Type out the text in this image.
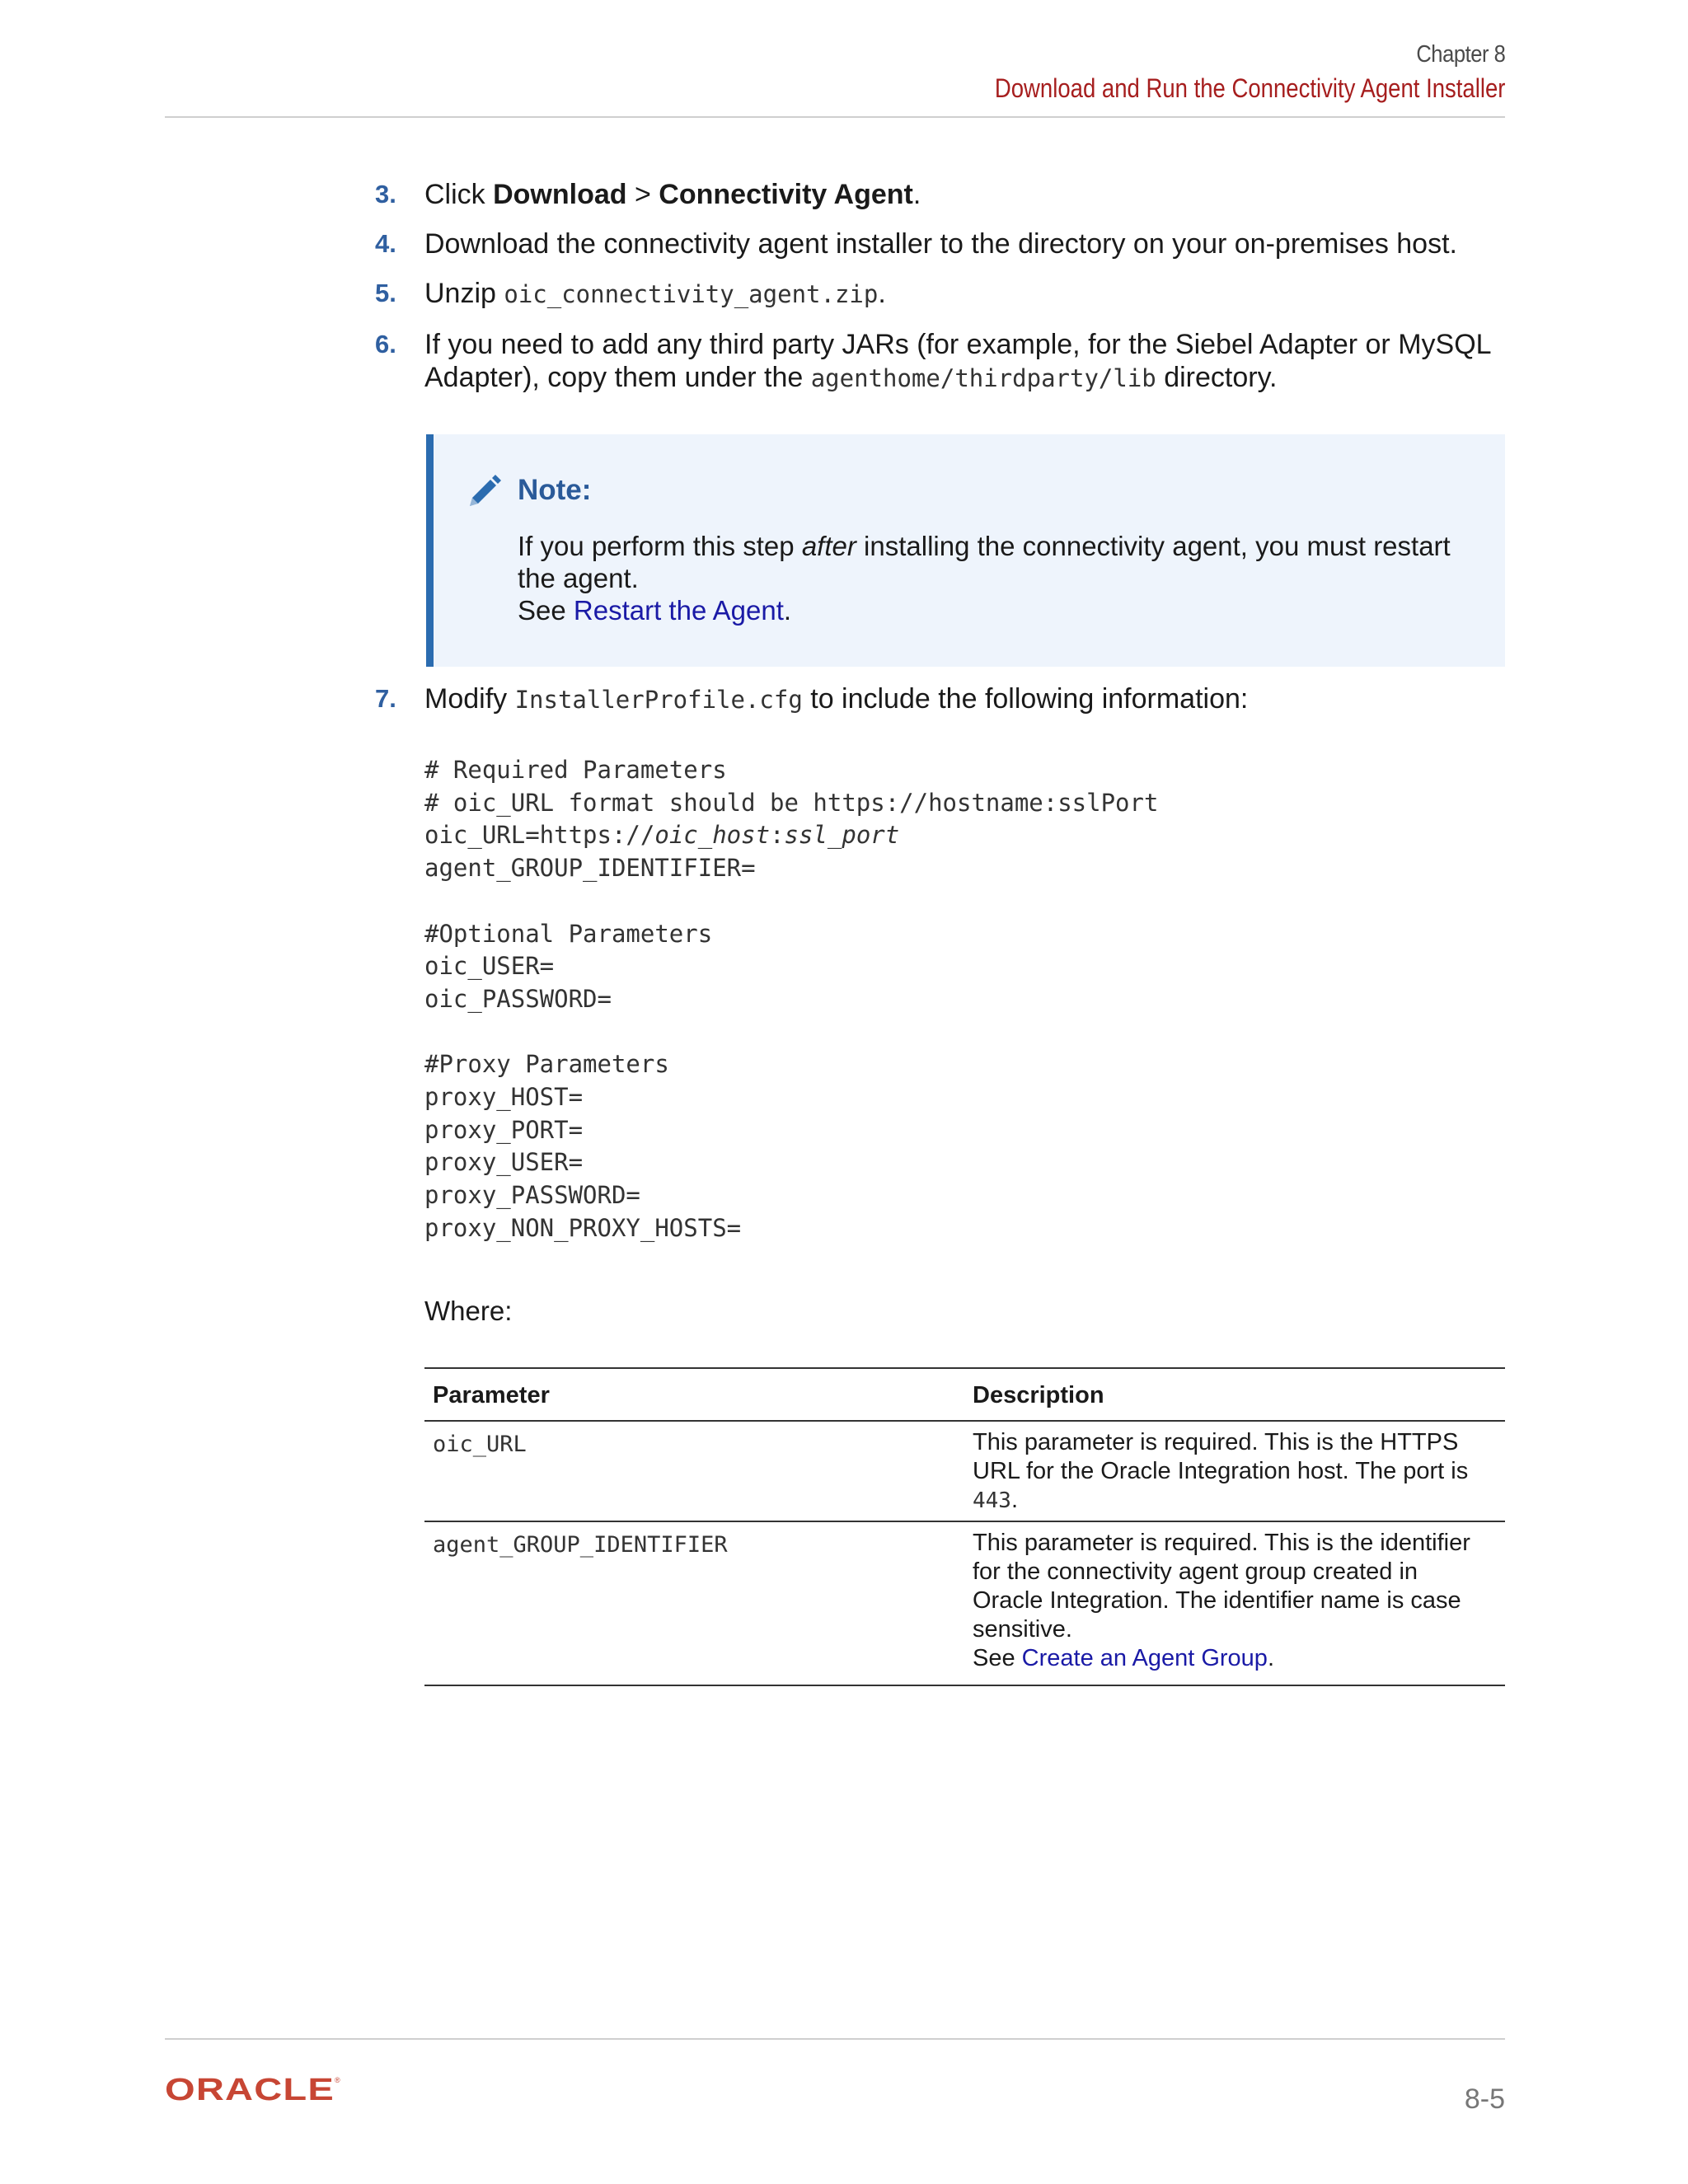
Chapter 8
Download and Run the Connectivity Agent Installer
3. Click Download > Connectivity Agent.
4. Download the connectivity agent installer to the directory on your on-premises host.
5. Unzip oic_connectivity_agent.zip.
6. If you need to add any third party JARs (for example, for the Siebel Adapter or MySQL Adapter), copy them under the agenthome/thirdparty/lib directory.
Note:
If you perform this step after installing the connectivity agent, you must restart the agent.
See Restart the Agent.
7. Modify InstallerProfile.cfg to include the following information:
# Required Parameters
# oic_URL format should be https://hostname:sslPort
oic_URL=https://oic_host:ssl_port
agent_GROUP_IDENTIFIER=

#Optional Parameters
oic_USER=
oic_PASSWORD=

#Proxy Parameters
proxy_HOST=
proxy_PORT=
proxy_USER=
proxy_PASSWORD=
proxy_NON_PROXY_HOSTS=
Where:
Parameter	Description
oic_URL	This parameter is required. This is the HTTPS URL for the Oracle Integration host. The port is 443.
agent_GROUP_IDENTIFIER	This parameter is required. This is the identifier for the connectivity agent group created in Oracle Integration. The identifier name is case sensitive.
See Create an Agent Group.
ORACLE ®
8-5
